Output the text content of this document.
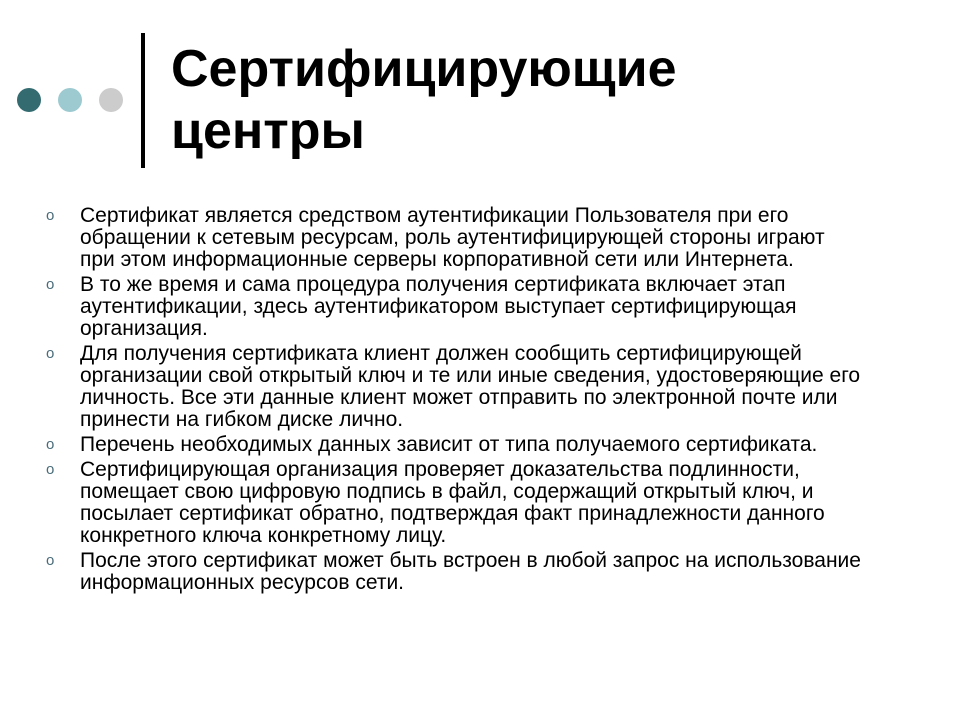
Сертифицирующие
центры
o	Сертификат является средством аутентификации Пользователя при его
обращении к сетевым ресурсам, роль аутентифицирующей стороны играют
при этом информационные серверы корпоративной сети или Интернета.
o	В то же время и сама процедура получения сертификата включает этап
аутентификации, здесь аутентификатором выступает сертифицирующая
организация.
o	Для получения сертификата клиент должен сообщить сертифицирующей
организации свой открытый ключ и те или иные сведения, удостоверяющие его
личность. Все эти данные клиент может отправить по электронной почте или
принести на гибком диске лично.
o	Перечень необходимых данных зависит от типа получаемого сертификата.
o	Сертифицирующая организация проверяет доказательства подлинности,
помещает свою цифровую подпись в файл, содержащий открытый ключ, и
посылает сертификат обратно, подтверждая факт принадлежности данного
конкретного ключа конкретному лицу.
o	После этого сертификат может быть встроен в любой запрос на использование
информационных ресурсов сети.
